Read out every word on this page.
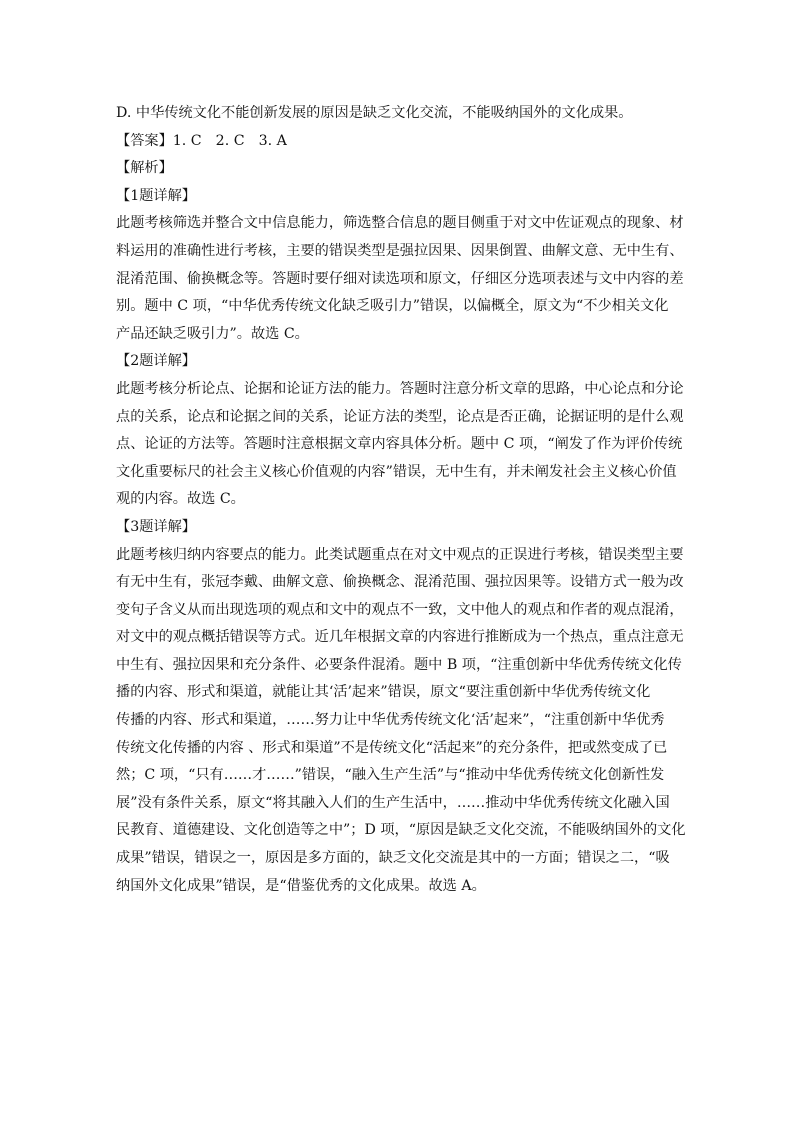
D. 中华传统文化不能创新发展的原因是缺乏文化交流，不能吸纳国外的文化成果。
【答案】1. C 2. C 3. A
【解析】
【1题详解】
此题考核筛选并整合文中信息能力，筛选整合信息的题目侧重于对文中佐证观点的现象、材
料运用的准确性进行考核，主要的错误类型是强拉因果、因果倒置、曲解文意、无中生有、
混淆范围、偷换概念等。答题时要仔细对读选项和原文，仔细区分选项表述与文中内容的差
别。题中 C 项，“中华优秀传统文化缺乏吸引力”错误，以偏概全，原文为“不少相关文化
产品还缺乏吸引力”。故选 C。
【2题详解】
此题考核分析论点、论据和论证方法的能力。答题时注意分析文章的思路，中心论点和分论
点的关系，论点和论据之间的关系，论证方法的类型，论点是否正确，论据证明的是什么观
点、论证的方法等。答题时注意根据文章内容具体分析。题中 C 项，“阐发了作为评价传统
文化重要标尺的社会主义核心价值观的内容”错误，无中生有，并未阐发社会主义核心价值
观的内容。故选 C。
【3题详解】
此题考核归纳内容要点的能力。此类试题重点在对文中观点的正误进行考核，错误类型主要
有无中生有，张冠李戴、曲解文意、偷换概念、混淆范围、强拉因果等。设错方式一般为改
变句子含义从而出现选项的观点和文中的观点不一致，文中他人的观点和作者的观点混淆，
对文中的观点概括错误等方式。近几年根据文章的内容进行推断成为一个热点，重点注意无
中生有、强拉因果和充分条件、必要条件混淆。题中 B 项，“注重创新中华优秀传统文化传
播的内容、形式和渠道，就能让其‘活’起来”错误，原文“要注重创新中华优秀传统文化
传播的内容、形式和渠道，……努力让中华优秀传统文化‘活’起来”，“注重创新中华优秀
传统文化传播的内容 、形式和渠道”不是传统文化“活起来”的充分条件，把或然变成了已
然；C 项，“只有……才……”错误，“融入生产生活”与“推动中华优秀传统文化创新性发
展”没有条件关系，原文“将其融入人们的生产生活中，……推动中华优秀传统文化融入国
民教育、道德建设、文化创造等之中”；D 项，“原因是缺乏文化交流，不能吸纳国外的文化
成果”错误，错误之一，原因是多方面的，缺乏文化交流是其中的一方面；错误之二，“吸
纳国外文化成果”错误，是“借鉴优秀的文化成果。故选 A。
